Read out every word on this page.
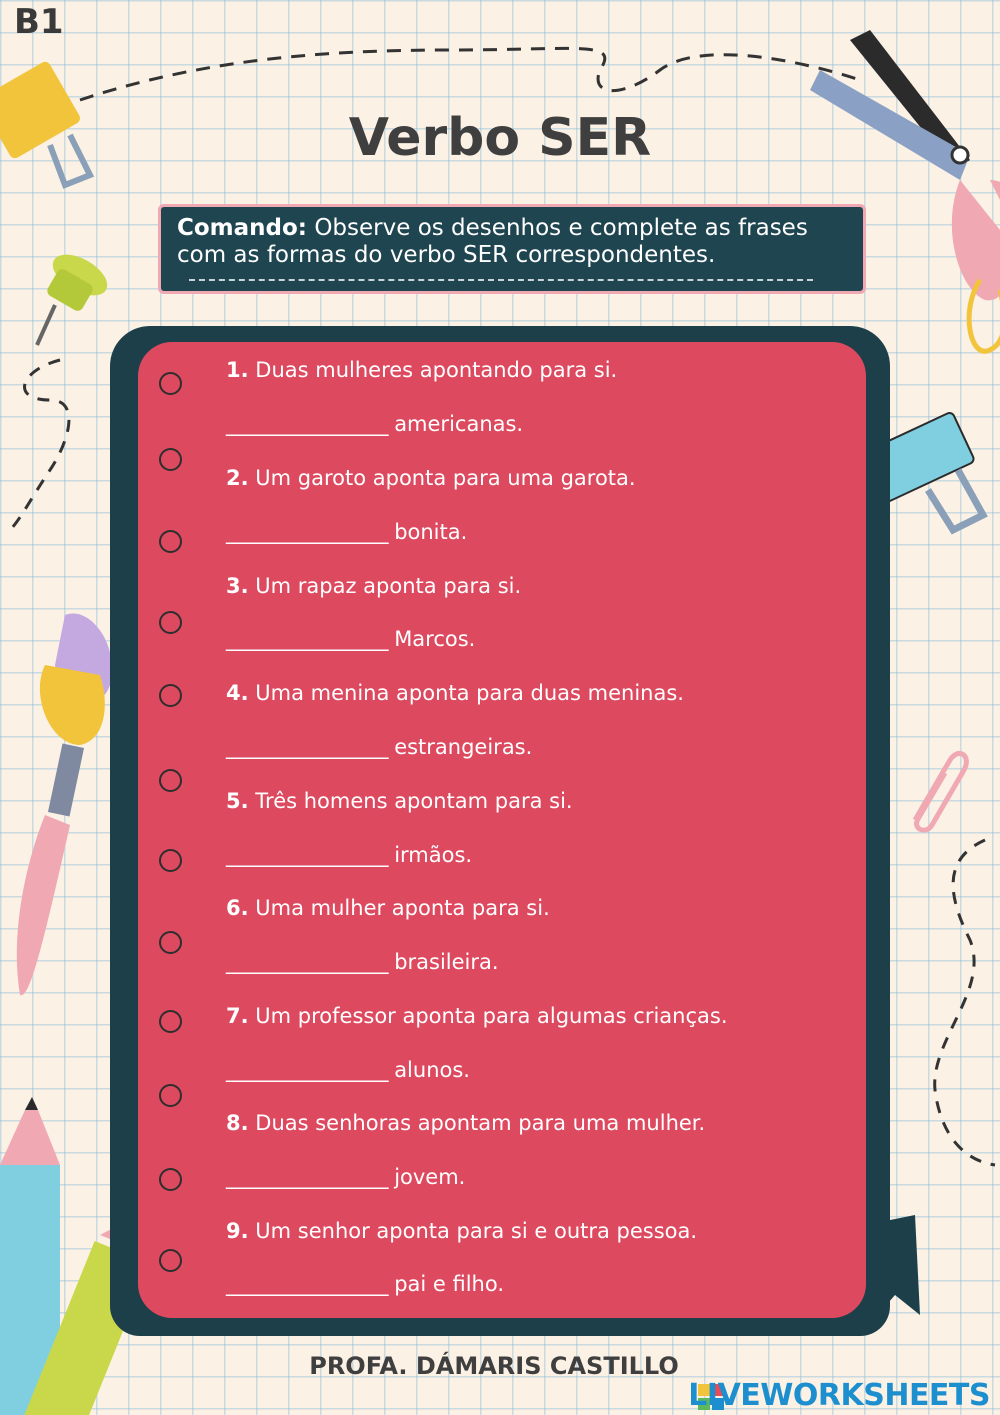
B1
Verbo SER
Comando: Observe os desenhos e complete as frases com as formas do verbo SER correspondentes.
1. Duas mulheres apontando para si.
_________________ americanas.
2. Um garoto aponta para uma garota.
_________________ bonita.
3. Um rapaz aponta para si.
_________________ Marcos.
4. Uma menina aponta para duas meninas.
_________________ estrangeiras.
5. Três homens apontam para si.
_________________ irmãos.
6. Uma mulher aponta para si.
_________________ brasileira.
7. Um professor aponta para algumas crianças.
_________________ alunos.
8. Duas senhoras apontam para uma mulher.
_________________ jovem.
9. Um senhor aponta para si e outra pessoa.
_________________ pai e filho.
PROFA. DÁMARIS CASTILLO
LIVEWORKSHEETS
